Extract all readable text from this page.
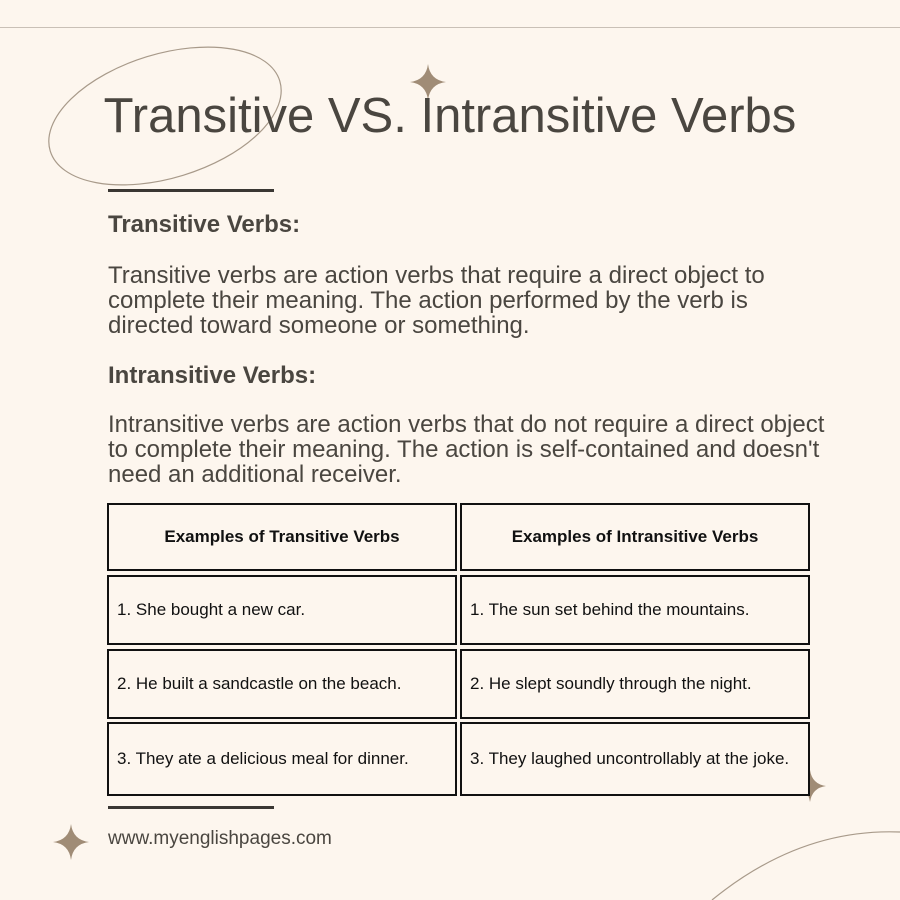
Transitive VS. Intransitive Verbs
Transitive Verbs:

Transitive verbs are action verbs that require a direct object to complete their meaning. The action performed by the verb is directed toward someone or something.

Intransitive Verbs:

Intransitive verbs are action verbs that do not require a direct object to complete their meaning. The action is self-contained and doesn't need an additional receiver.

Examples of Transitive Verbs	Examples of Intransitive Verbs
1. She bought a new car.	1. The sun set behind the mountains.
2. He built a sandcastle on the beach.	2. He slept soundly through the night.
3. They ate a delicious meal for dinner.	3. They laughed uncontrollably at the joke.
www.myenglishpages.com
